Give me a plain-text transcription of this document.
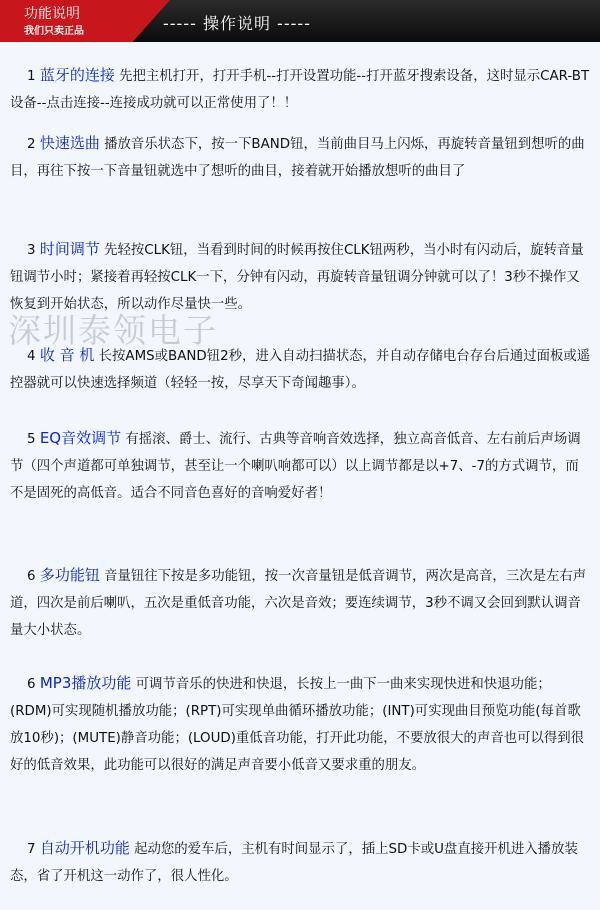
功能说明
我们只卖正品	----- 操作说明 -----
深圳泰领电子
1 蓝牙的连接 先把主机打开，打开手机--打开设置功能--打开蓝牙搜索设备，这时显示CAR-BT设备--点击连接--连接成功就可以正常使用了！！
2 快速选曲 播放音乐状态下，按一下BAND钮，当前曲目马上闪烁，再旋转音量钮到想听的曲目，再往下按一下音量钮就选中了想听的曲目，接着就开始播放想听的曲目了
3 时间调节 先轻按CLK钮，当看到时间的时候再按住CLK钮两秒，当小时有闪动后，旋转音量钮调节小时；紧接着再轻按CLK一下，分钟有闪动，再旋转音量钮调分钟就可以了！3秒不操作又恢复到开始状态，所以动作尽量快一些。
4 收 音 机 长按AMS或BAND钮2秒，进入自动扫描状态，并自动存储电台存台后通过面板或遥控器就可以快速选择频道（轻轻一按，尽享天下奇闻趣事）。
5 EQ音效调节 有摇滚、爵士、流行、古典等音响音效选择，独立高音低音、左右前后声场调节（四个声道都可单独调节，甚至让一个喇叭响都可以）以上调节都是以+7、-7的方式调节，而不是固死的高低音。适合不同音色喜好的音响爱好者！
6 多功能钮 音量钮往下按是多功能钮，按一次音量钮是低音调节，两次是高音，三次是左右声道，四次是前后喇叭，五次是重低音功能，六次是音效；要连续调节，3秒不调又会回到默认调音量大小状态。
6 MP3播放功能 可调节音乐的快进和快退，长按上一曲下一曲来实现快进和快退功能；(RDM)可实现随机播放功能；(RPT)可实现单曲循环播放功能；(INT)可实现曲目预览功能(每首歌放10秒)；(MUTE)静音功能；(LOUD)重低音功能，打开此功能，不要放很大的声音也可以得到很好的低音效果，此功能可以很好的满足声音要小低音又要求重的朋友。
7 自动开机功能 起动您的爱车后，主机有时间显示了，插上SD卡或U盘直接开机进入播放装态，省了开机这一动作了，很人性化。
